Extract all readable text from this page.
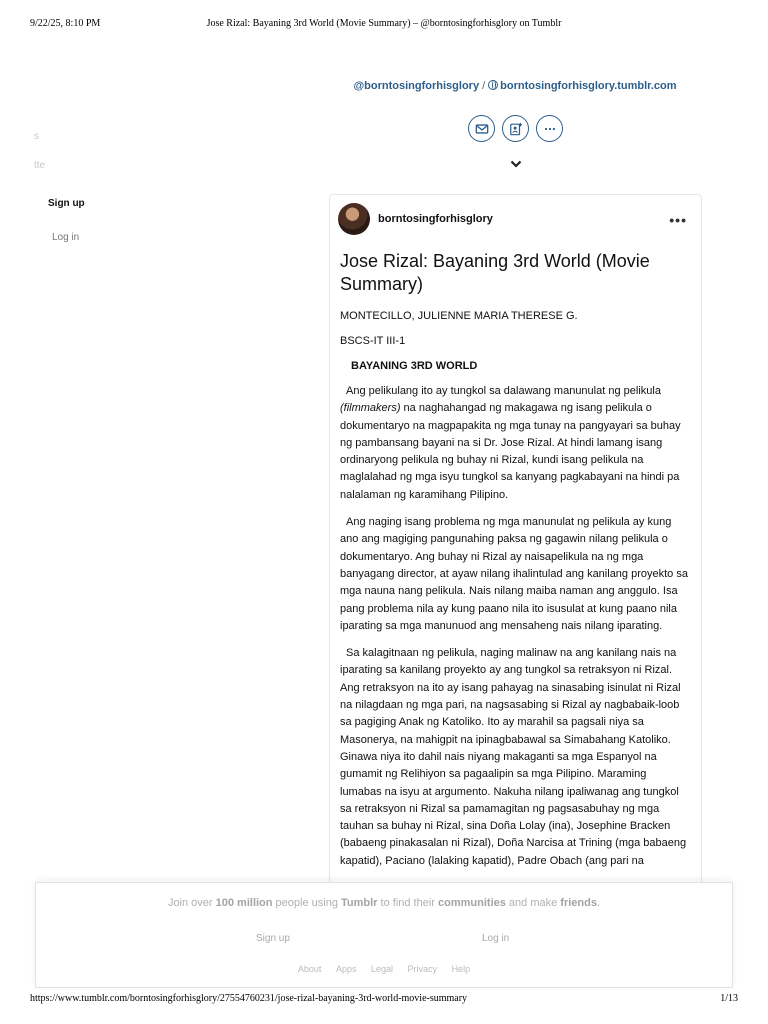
9/22/25, 8:10 PM	Jose Rizal: Bayaning 3rd World (Movie Summary) – @borntosingforhisglory on Tumblr
@borntosingforhisglory / borntosingforhisglory.tumblr.com
s
tte
Sign up
Log in
borntosingforhisglory	•••
Jose Rizal: Bayaning 3rd World (Movie Summary)

MONTECILLO, JULIENNE MARIA THERESE G.

BSCS-IT III-1

BAYANING 3RD WORLD

Ang pelikulang ito ay tungkol sa dalawang manunulat ng pelikula (filmmakers) na naghahangad ng makagawa ng isang pelikula o dokumentaryo na magpapakita ng mga tunay na pangyayari sa buhay ng pambansang bayani na si Dr. Jose Rizal. At hindi lamang isang ordinaryong pelikula ng buhay ni Rizal, kundi isang pelikula na maglalahad ng mga isyu tungkol sa kanyang pagkabayani na hindi pa nalalaman ng karamihang Pilipino.

Ang naging isang problema ng mga manunulat ng pelikula ay kung ano ang magiging pangunahing paksa ng gagawin nilang pelikula o dokumentaryo. Ang buhay ni Rizal ay naisapelikula na ng mga banyagang director, at ayaw nilang ihalintulad ang kanilang proyekto sa mga nauna nang pelikula. Nais nilang maiba naman ang anggulo. Isa pang problema nila ay kung paano nila ito isusulat at kung paano nila iparating sa mga manunuod ang mensaheng nais nilang iparating.

Sa kalagitnaan ng pelikula, naging malinaw na ang kanilang nais na iparating sa kanilang proyekto ay ang tungkol sa retraksyon ni Rizal. Ang retraksyon na ito ay isang pahayag na sinasabing isinulat ni Rizal na nilagdaan ng mga pari, na nagsasabing si Rizal ay nagbabaik-loob sa pagiging Anak ng Katoliko. Ito ay marahil sa pagsali niya sa Masonerya, na mahigpit na ipinagbabawal sa Simabahang Katoliko. Ginawa niya ito dahil nais niyang makaganti sa mga Espanyol na gumamit ng Relihiyon sa pagaalipin sa mga Pilipino. Maraming lumabas na isyu at argumento. Nakuha nilang ipaliwanag ang tungkol sa retraksyon ni Rizal sa pamamagitan ng pagsasabuhay ng mga tauhan sa buhay ni Rizal, sina Doña Lolay (ina), Josephine Bracken (babaeng pinakasalan ni Rizal), Doña Narcisa at Trining (mga babaeng kapatid), Paciano (lalaking kapatid), Padre Obach (ang pari na

Join over 100 million people using Tumblr to find their communities and make friends.
Sign up	Log in
About Apps Legal Privacy Help
https://www.tumblr.com/borntosingforhisglory/27554760231/jose-rizal-bayaning-3rd-world-movie-summary	1/13
